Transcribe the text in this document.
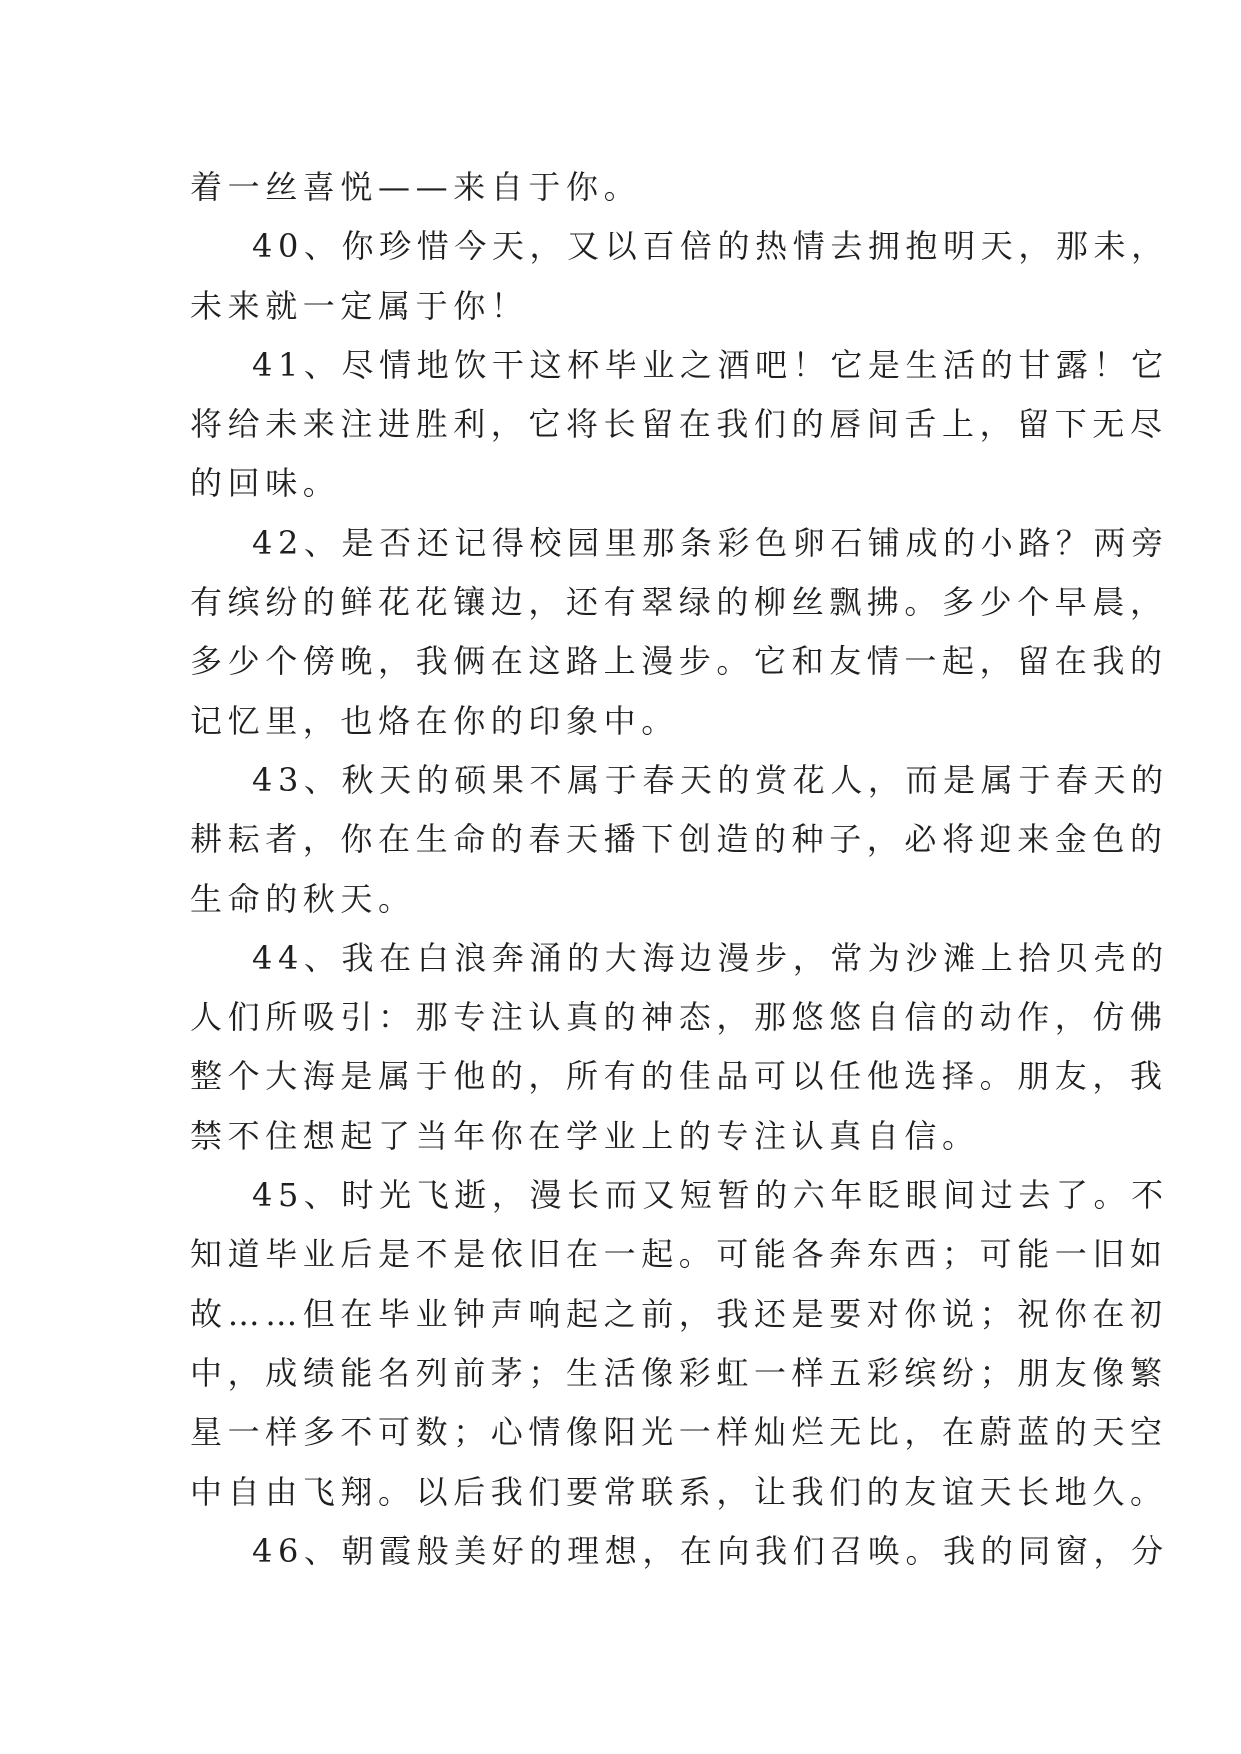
着一丝喜悦——来自于你。
40、你珍惜今天，又以百倍的热情去拥抱明天，那未，
未来就一定属于你！
41、尽情地饮干这杯毕业之酒吧！它是生活的甘露！它
将给未来注进胜利，它将长留在我们的唇间舌上，留下无尽
的回味。
42、是否还记得校园里那条彩色卵石铺成的小路？两旁
有缤纷的鲜花花镶边，还有翠绿的柳丝飘拂。多少个早晨，
多少个傍晚，我俩在这路上漫步。它和友情一起，留在我的
记忆里，也烙在你的印象中。
43、秋天的硕果不属于春天的赏花人，而是属于春天的
耕耘者，你在生命的春天播下创造的种子，必将迎来金色的
生命的秋天。
44、我在白浪奔涌的大海边漫步，常为沙滩上拾贝壳的
人们所吸引：那专注认真的神态，那悠悠自信的动作，仿佛
整个大海是属于他的，所有的佳品可以任他选择。朋友，我
禁不住想起了当年你在学业上的专注认真自信。
45、时光飞逝，漫长而又短暂的六年眨眼间过去了。不
知道毕业后是不是依旧在一起。可能各奔东西；可能一旧如
故……但在毕业钟声响起之前，我还是要对你说；祝你在初
中，成绩能名列前茅；生活像彩虹一样五彩缤纷；朋友像繁
星一样多不可数；心情像阳光一样灿烂无比，在蔚蓝的天空
中自由飞翔。以后我们要常联系，让我们的友谊天长地久。
46、朝霞般美好的理想，在向我们召唤。我的同窗，分
